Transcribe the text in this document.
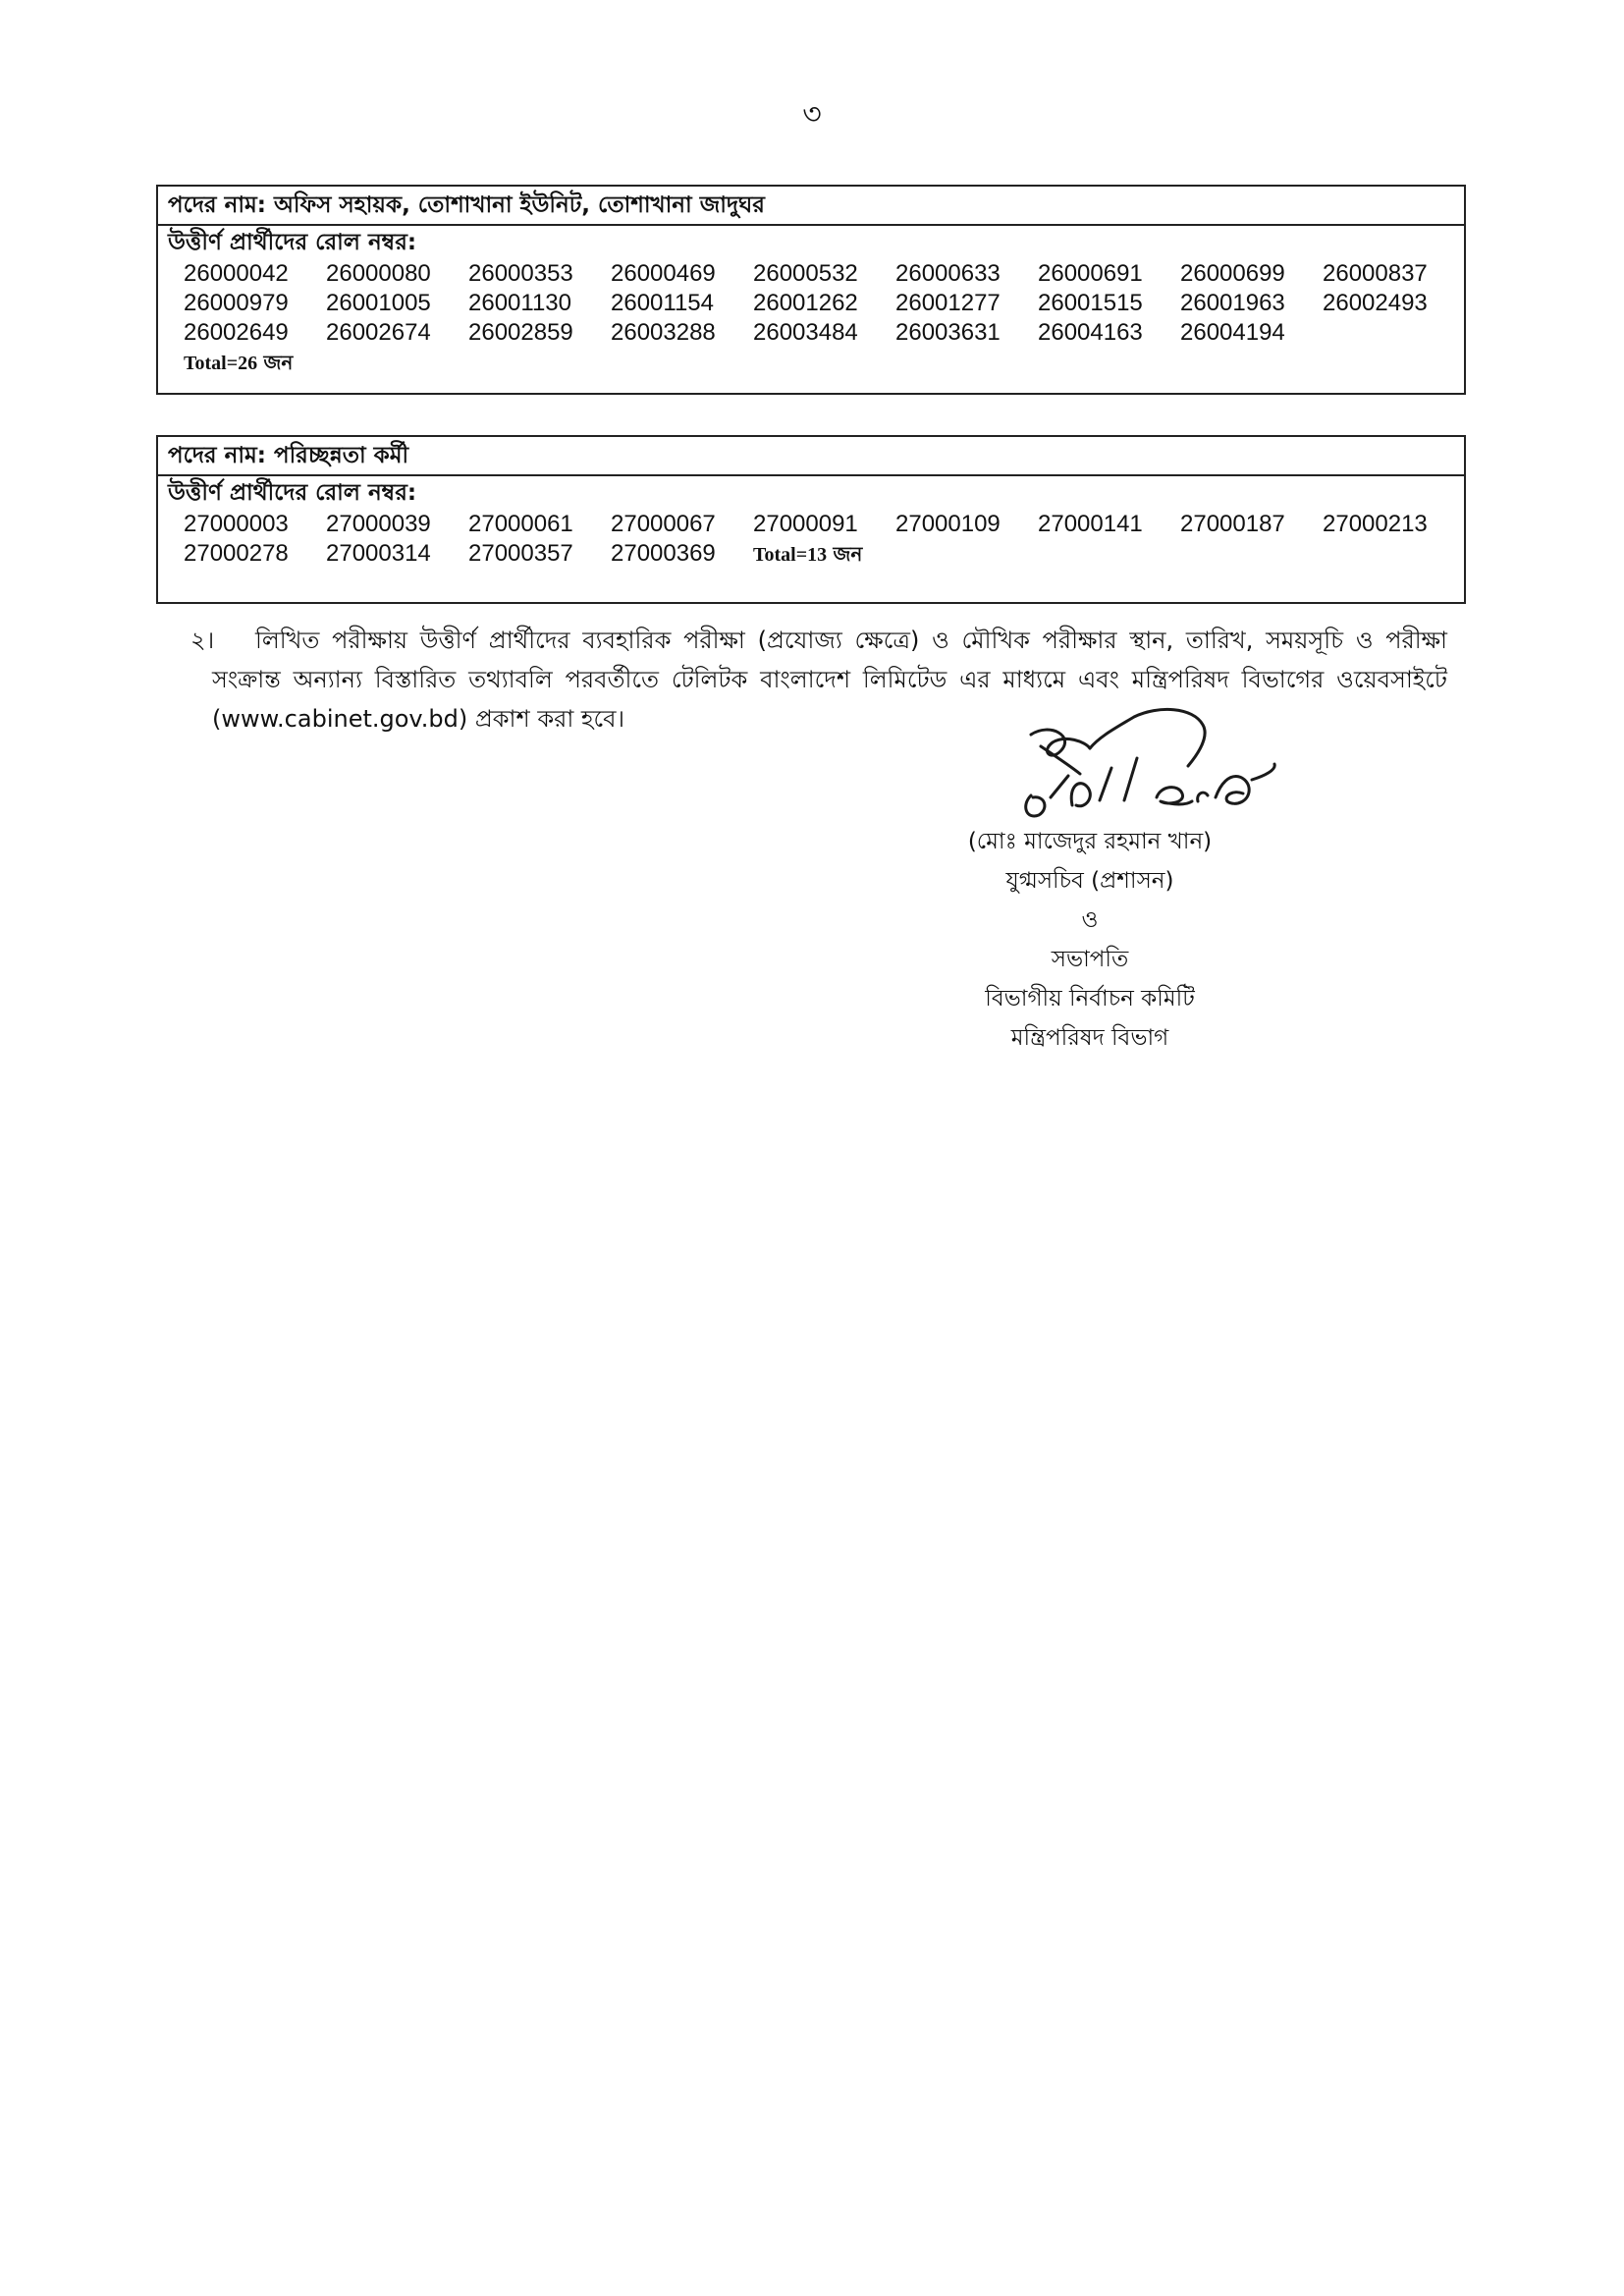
৩
পদের নাম: অফিস সহায়ক, তোশাখানা ইউনিট, তোশাখানা জাদুঘর
উত্তীর্ণ প্রার্থীদের রোল নম্বর:
26000042	26000080	26000353	26000469	26000532	26000633	26000691	26000699	26000837
26000979	26001005	26001130	26001154	26001262	26001277	26001515	26001963	26002493
26002649	26002674	26002859	26003288	26003484	26003631	26004163	26004194
Total=26 জন
পদের নাম: পরিচ্ছন্নতা কর্মী
উত্তীর্ণ প্রার্থীদের রোল নম্বর:
27000003	27000039	27000061	27000067	27000091	27000109	27000141	27000187	27000213
27000278	27000314	27000357	27000369	Total=13 জন
২।	লিখিত পরীক্ষায় উত্তীর্ণ প্রার্থীদের ব্যবহারিক পরীক্ষা (প্রযোজ্য ক্ষেত্রে) ও মৌখিক পরীক্ষার স্থান, তারিখ, সময়সূচি ও পরীক্ষা সংক্রান্ত অন্যান্য বিস্তারিত তথ্যাবলি পরবর্তীতে টেলিটক বাংলাদেশ লিমিটেড এর মাধ্যমে এবং মন্ত্রিপরিষদ বিভাগের ওয়েবসাইটে (www.cabinet.gov.bd) প্রকাশ করা হবে।
(মোঃ মাজেদুর রহমান খান)
যুগ্মসচিব (প্রশাসন)
ও
সভাপতি
বিভাগীয় নির্বাচন কমিটি
মন্ত্রিপরিষদ বিভাগ
